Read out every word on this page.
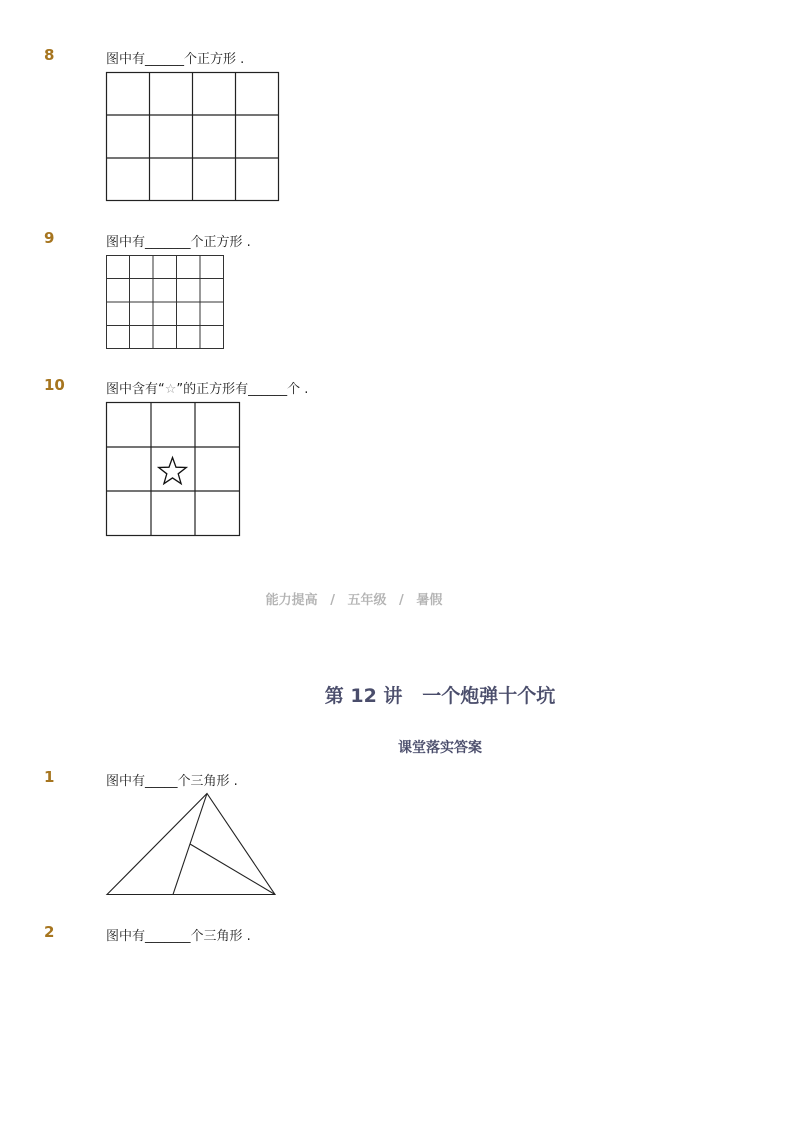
8	图中有______个正方形 .
9	图中有_______个正方形 .
10	图中含有“☆”的正方形有______个 .
能力提高 / 五年级 / 暑假
第 12 讲   一个炮弹十个坑
课堂落实答案
1	图中有_____个三角形 .
2	图中有_______个三角形 .
